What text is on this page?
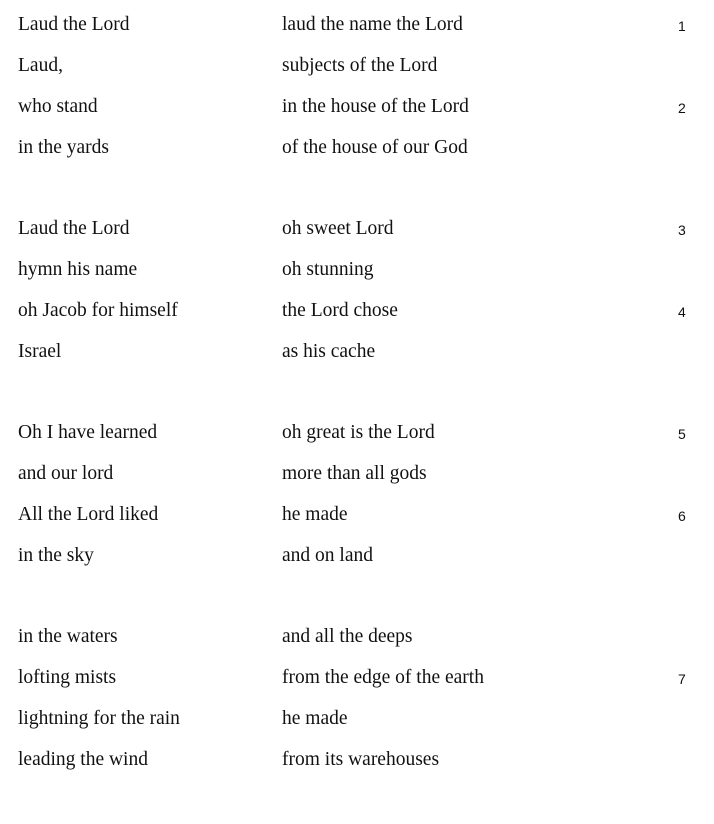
Laud the Lord	laud the name the Lord	1
Laud,	subjects of the Lord
who stand	in the house of the Lord	2
in the yards	of the house of our God
Laud the Lord	oh sweet Lord	3
hymn his name	oh stunning
oh Jacob for himself	the Lord chose	4
Israel	as his cache
Oh I have learned	oh great is the Lord	5
and our lord	more than all gods
All the Lord liked	he made	6
in the sky	and on land
in the waters	and all the deeps
lofting mists	from the edge of the earth	7
lightning for the rain	he made
leading the wind	from its warehouses
